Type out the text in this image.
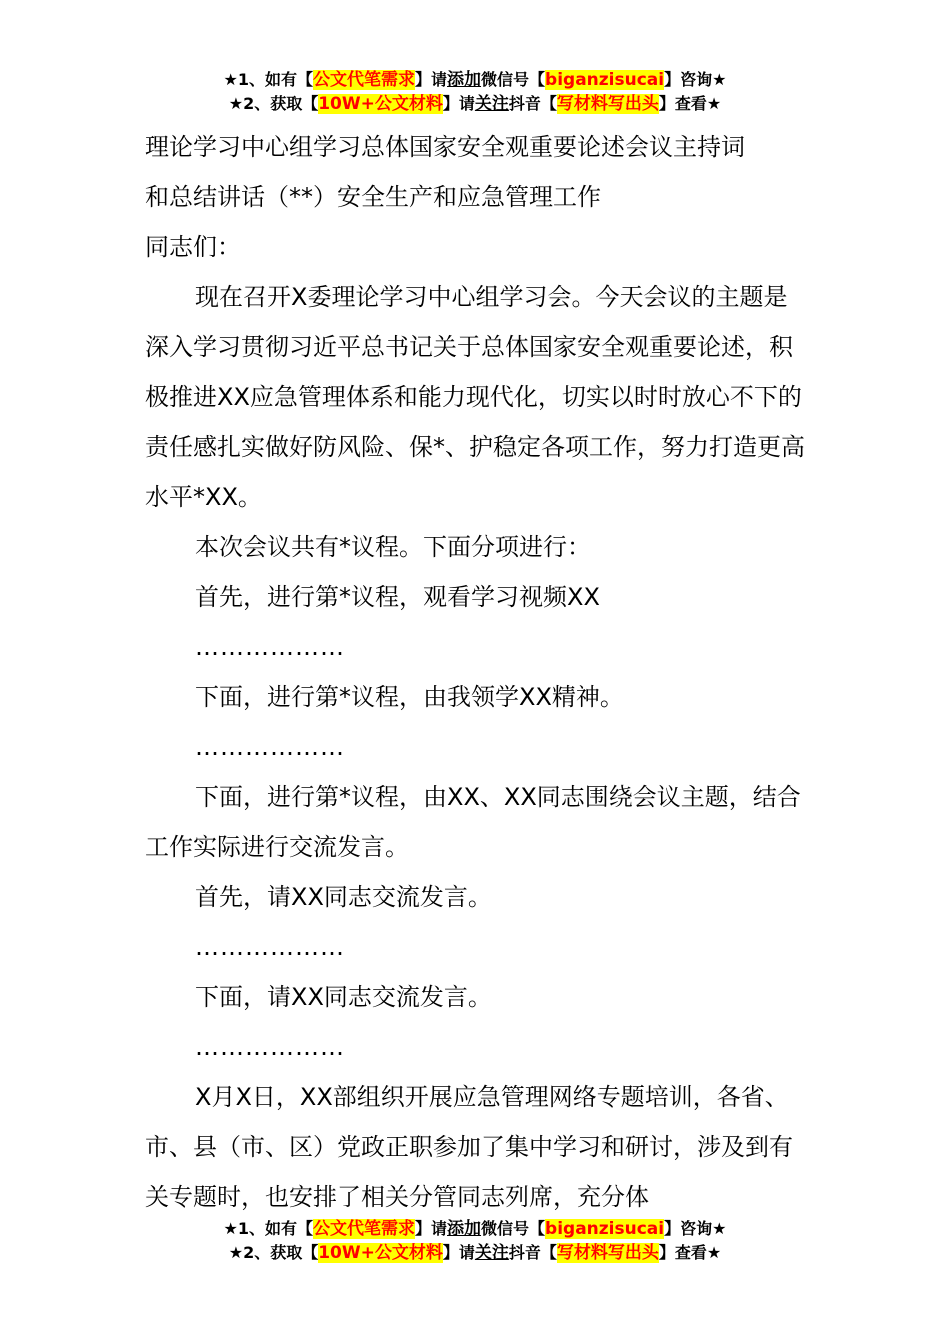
★1、如有【公文代笔需求】请添加微信号【biganzisucai】咨询★
★2、获取【10W+公文材料】请关注抖音【写材料写出头】查看★

理论学习中心组学习总体国家安全观重要论述会议主持词

和总结讲话（**）安全生产和应急管理工作

同志们：

现在召开X委理论学习中心组学习会。今天会议的主题是深入学习贯彻习近平总书记关于总体国家安全观重要论述，积极推进XX应急管理体系和能力现代化，切实以时时放心不下的责任感扎实做好防风险、保*、护稳定各项工作，努力打造更高水平*XX。

本次会议共有*议程。下面分项进行：

首先，进行第*议程，观看学习视频XX

………………

下面，进行第*议程，由我领学XX精神。

………………

下面，进行第*议程，由XX、XX同志围绕会议主题，结合工作实际进行交流发言。

首先，请XX同志交流发言。

………………

下面，请XX同志交流发言。

………………

X月X日，XX部组织开展应急管理网络专题培训，各省、市、县（市、区）党政正职参加了集中学习和研讨，涉及到有关专题时，也安排了相关分管同志列席，充分体

★1、如有【公文代笔需求】请添加微信号【biganzisucai】咨询★
★2、获取【10W+公文材料】请关注抖音【写材料写出头】查看★
